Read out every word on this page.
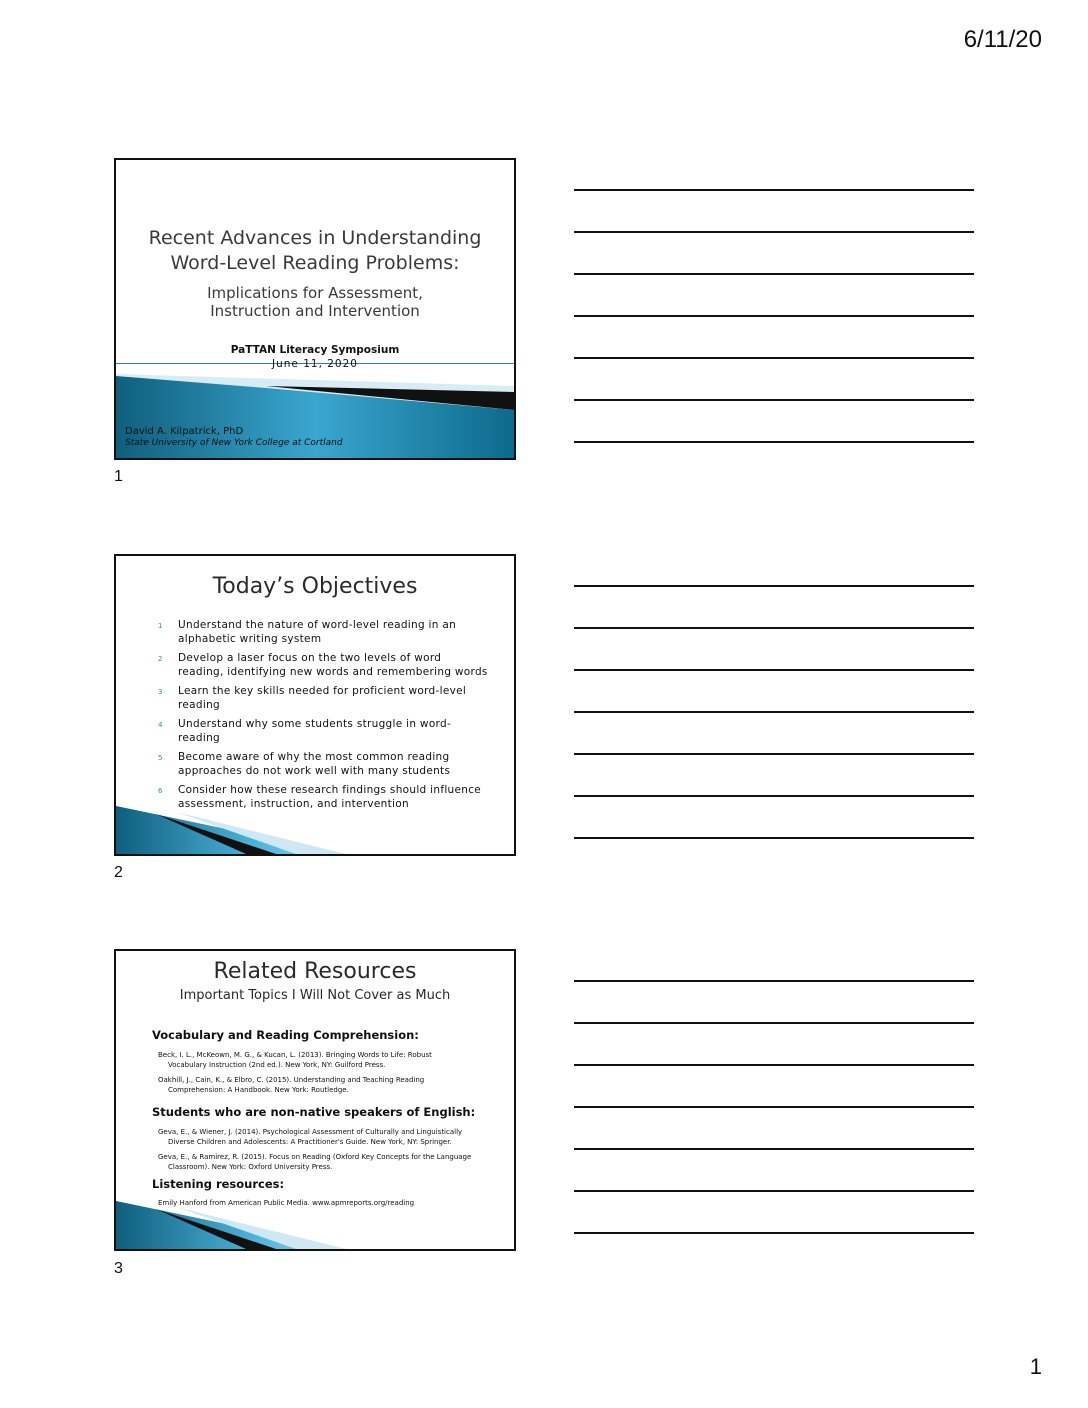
6/11/20
Recent Advances in Understanding
Word-Level Reading Problems:
Implications for Assessment,
Instruction and Intervention
PaTTAN Literacy Symposium
June 11, 2020
David A. Kilpatrick, PhD
State University of New York College at Cortland
1
Today’s Objectives
1 Understand the nature of word-level reading in an alphabetic writing system
2 Develop a laser focus on the two levels of word reading, identifying new words and remembering words
3 Learn the key skills needed for proficient word-level reading
4 Understand why some students struggle in word-reading
5 Become aware of why the most common reading approaches do not work well with many students
6 Consider how these research findings should influence assessment, instruction, and intervention
2
Related Resources
Important Topics I Will Not Cover as Much
Vocabulary and Reading Comprehension:
Beck, I. L., McKeown, M. G., & Kucan, L. (2013). Bringing Words to Life: Robust
Vocabulary Instruction (2nd ed.). New York, NY: Guilford Press.
Oakhill, J., Cain, K., & Elbro, C. (2015). Understanding and Teaching Reading
Comprehension: A Handbook. New York: Routledge.
Students who are non-native speakers of English:
Geva, E., & Wiener, J. (2014). Psychological Assessment of Culturally and Linguistically
Diverse Children and Adolescents: A Practitioner's Guide. New York, NY: Springer.
Geva, E., & Ramirez, R. (2015). Focus on Reading (Oxford Key Concepts for the Language
Classroom). New York: Oxford University Press.
Listening resources:
Emily Hanford from American Public Media. www.apmreports.org/reading
3
1
